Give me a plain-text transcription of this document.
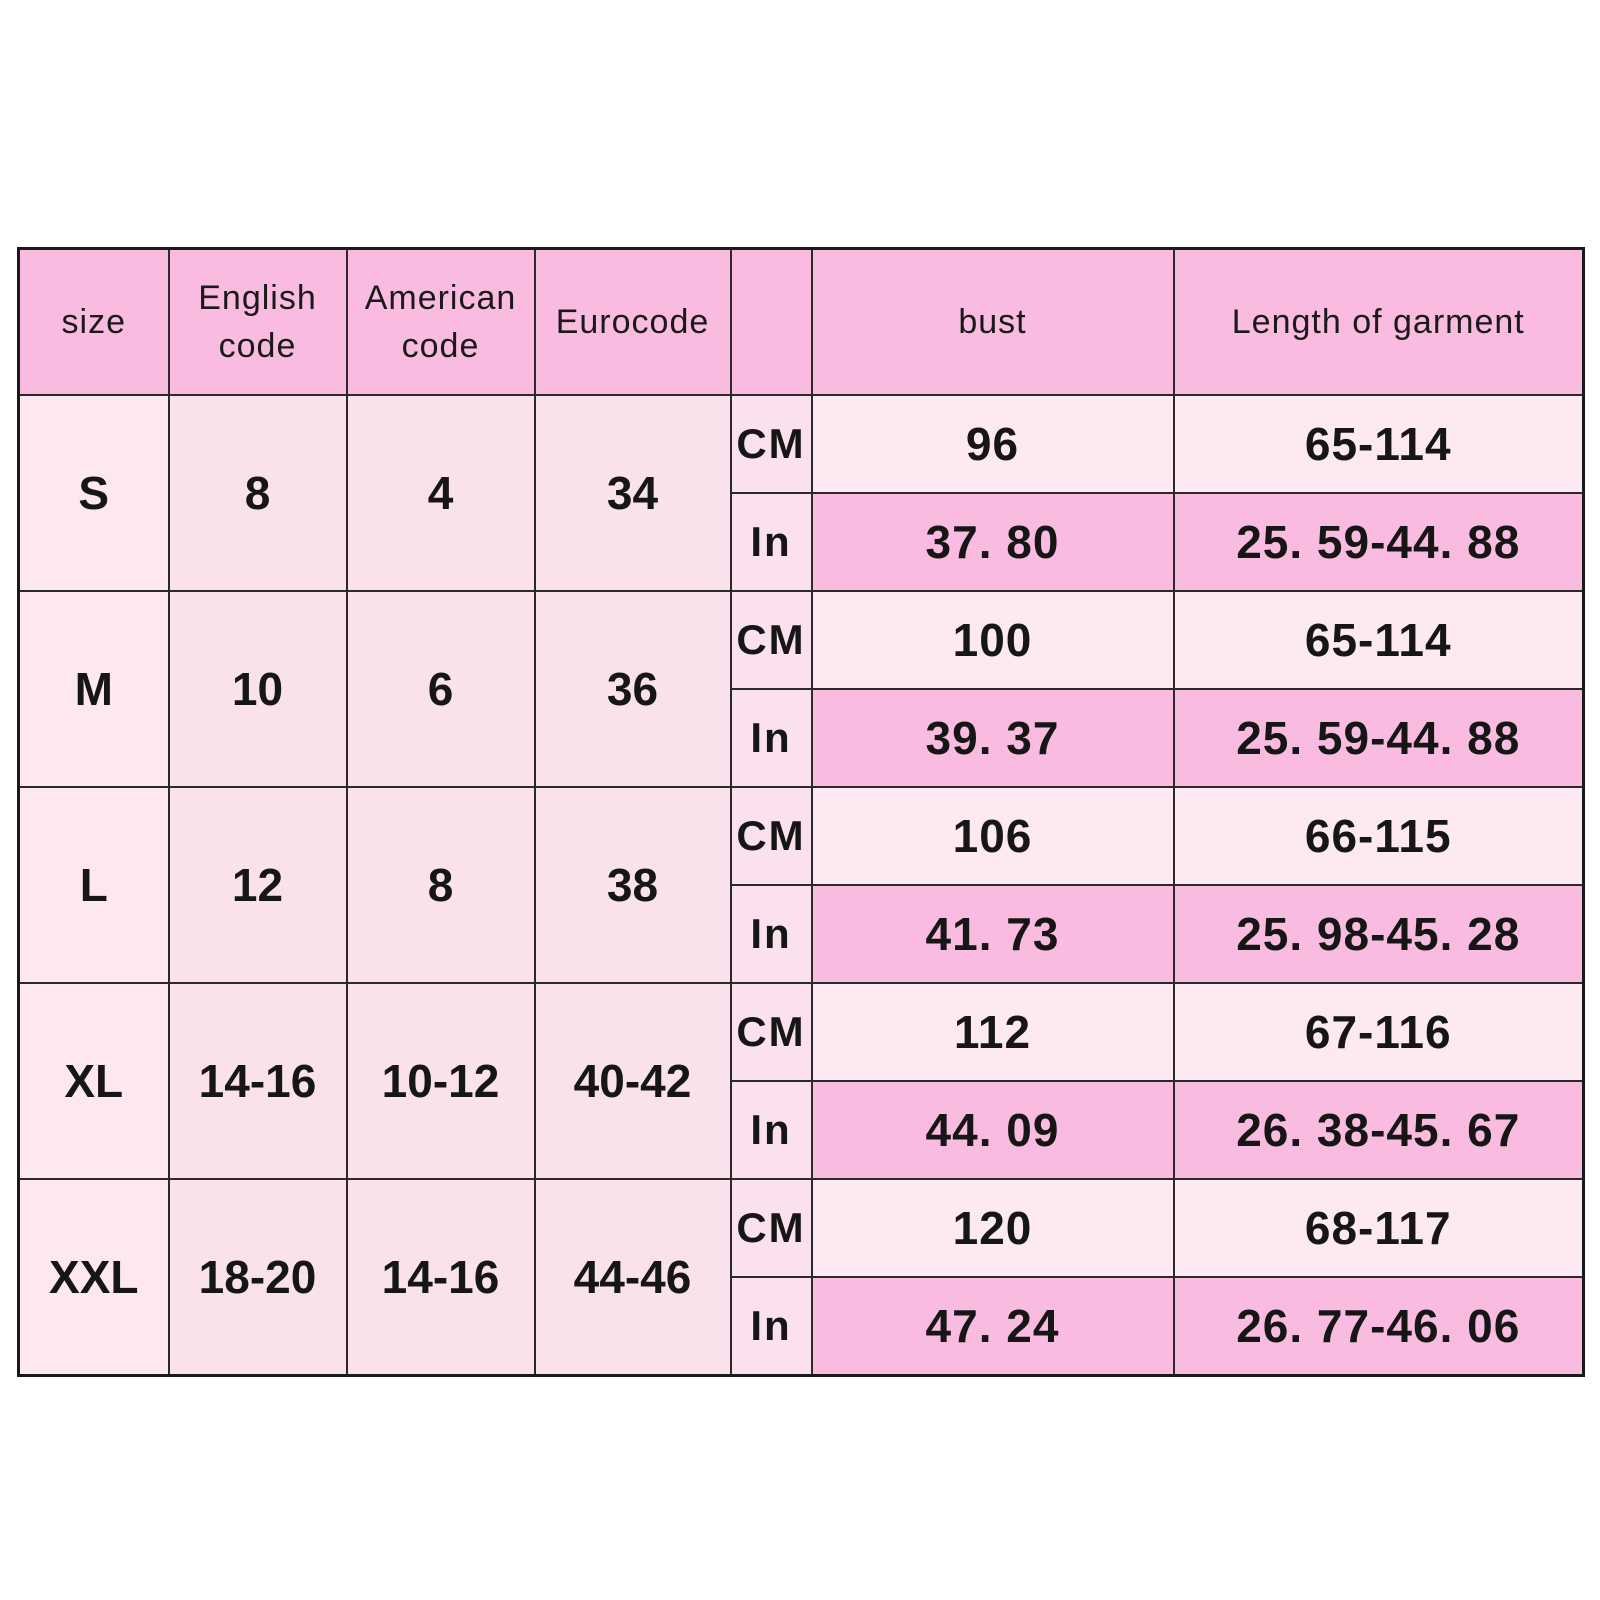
size	English code	American code	Eurocode		bust	Length of garment
S	8	4	34	CM	96	65-114
				In	37. 80	25. 59-44. 88
M	10	6	36	CM	100	65-114
				In	39. 37	25. 59-44. 88
L	12	8	38	CM	106	66-115
				In	41. 73	25. 98-45. 28
XL	14-16	10-12	40-42	CM	112	67-116
				In	44. 09	26. 38-45. 67
XXL	18-20	14-16	44-46	CM	120	68-117
				In	47. 24	26. 77-46. 06
